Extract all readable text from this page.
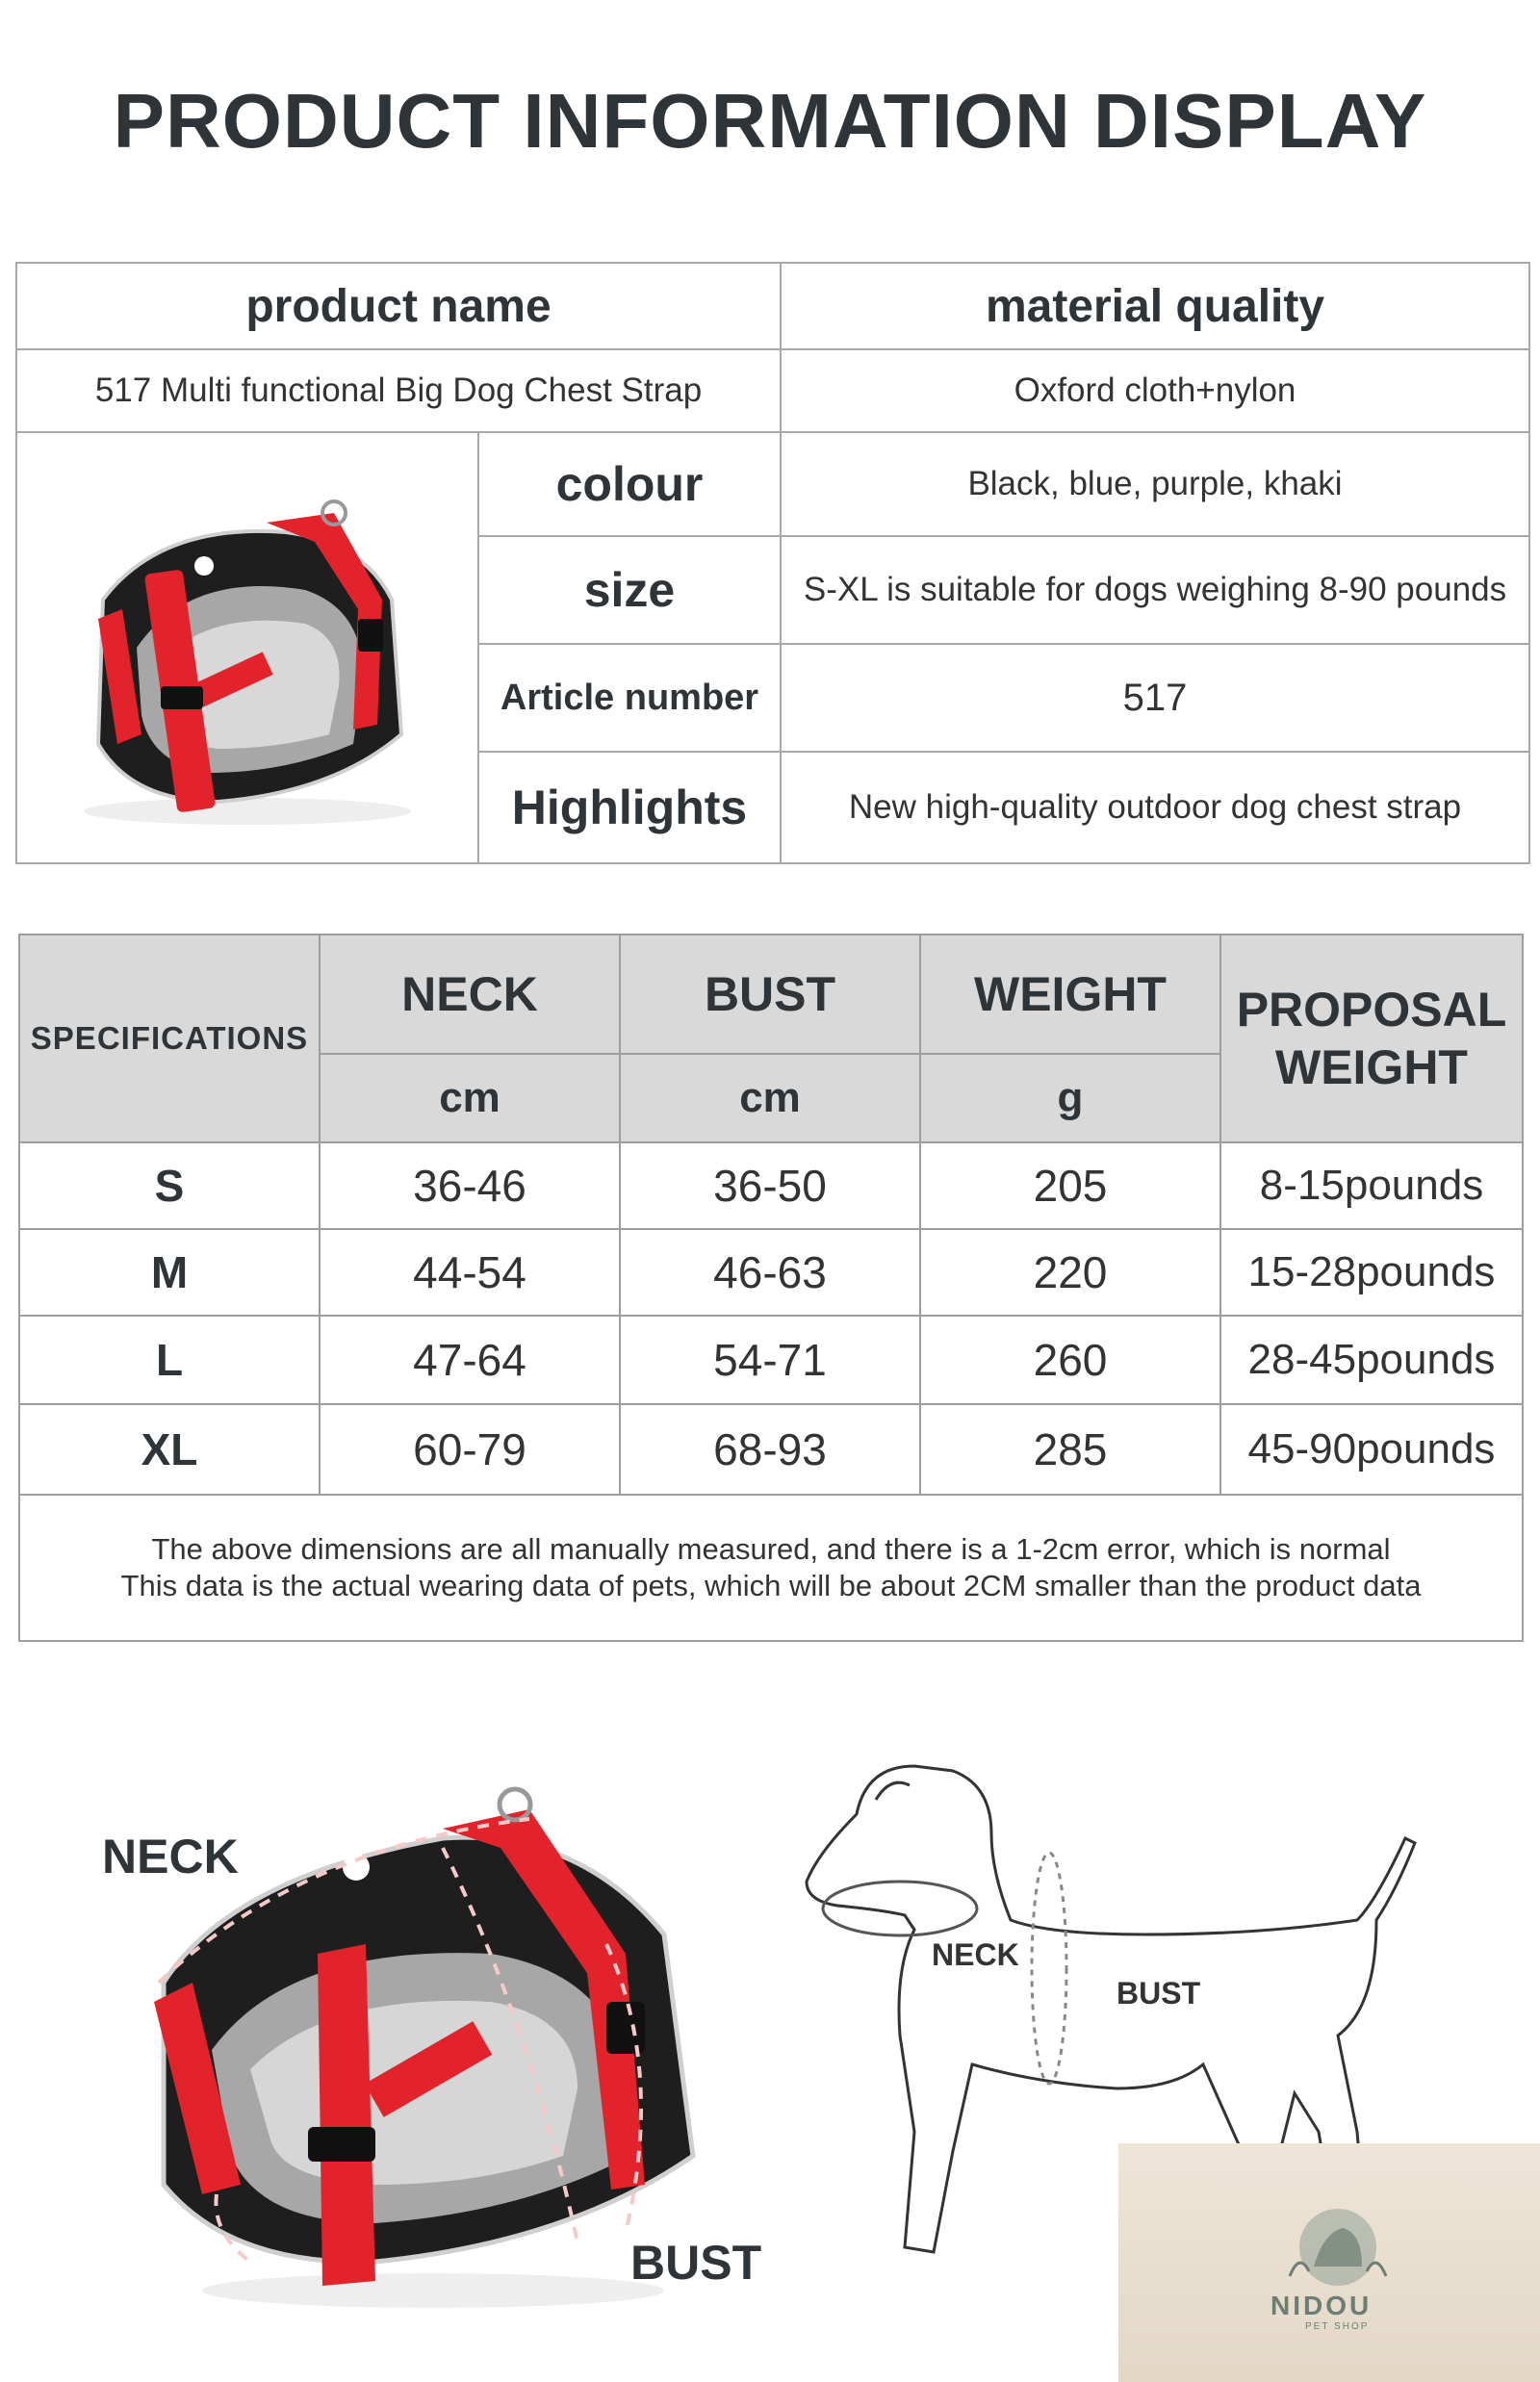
PRODUCT INFORMATION DISPLAY
product name	material quality
517 Multi functional Big Dog Chest Strap	Oxford cloth+nylon
colour	Black, blue, purple, khaki
size	S-XL is suitable for dogs weighing 8-90 pounds
Article number	517
Highlights	New high-quality outdoor dog chest strap
SPECIFICATIONS
NECK	BUST	WEIGHT	PROPOSAL WEIGHT
cm	cm	g
S	36-46	36-50	205	8-15pounds
M	44-54	46-63	220	15-28pounds
L	47-64	54-71	260	28-45pounds
XL	60-79	68-93	285	45-90pounds
The above dimensions are all manually measured, and there is a 1-2cm error, which is normal
This data is the actual wearing data of pets, which will be about 2CM smaller than the product data
NECK
BUST
NECK
BUST
NIDOU
PET SHOP
